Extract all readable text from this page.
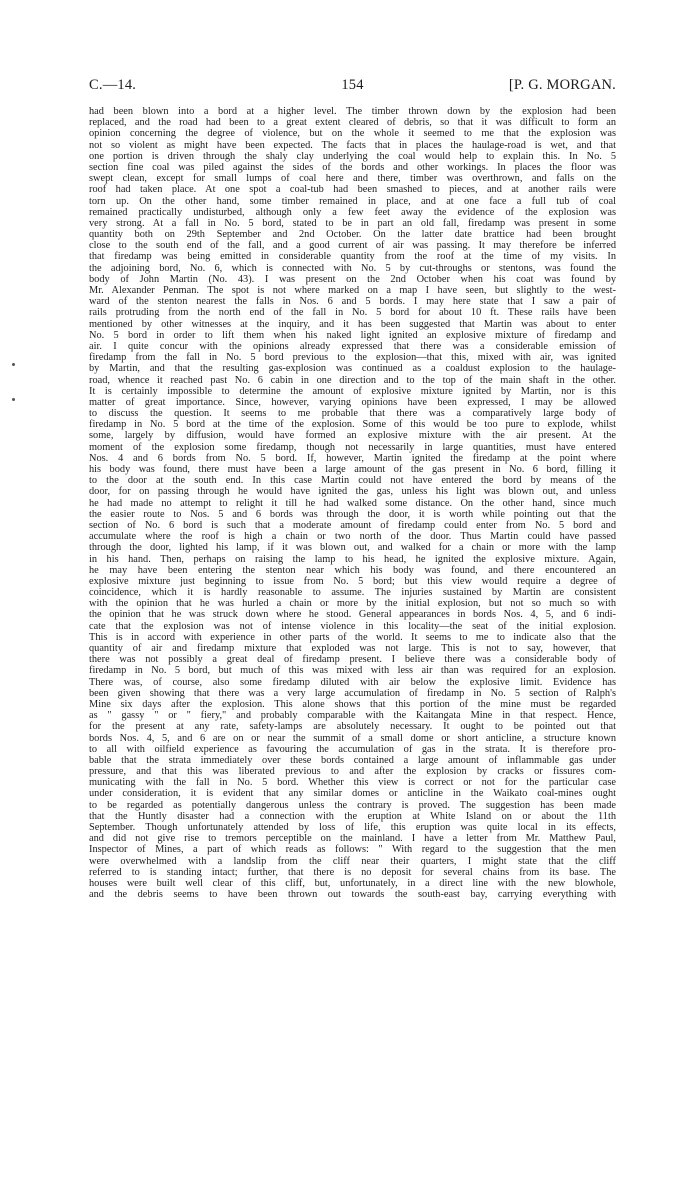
C.—14.	154	[P. G. MORGAN.
had been blown into a bord at a higher level. The timber thrown down by the explosion had been
replaced, and the road had been to a great extent cleared of debris, so that it was difficult to form an
opinion concerning the degree of violence, but on the whole it seemed to me that the explosion was
not so violent as might have been expected. The facts that in places the haulage-road is wet, and that
one portion is driven through the shaly clay underlying the coal would help to explain this. In No. 5
section fine coal was piled against the sides of the bords and other workings. In places the floor was
swept clean, except for small lumps of coal here and there, timber was overthrown, and falls on the
roof had taken place. At one spot a coal-tub had been smashed to pieces, and at another rails were
torn up. On the other hand, some timber remained in place, and at one face a full tub of coal
remained practically undisturbed, although only a few feet away the evidence of the explosion was
very strong. At a fall in No. 5 bord, stated to be in part an old fall, firedamp was present in some
quantity both on 29th September and 2nd October. On the latter date brattice had been brought
close to the south end of the fall, and a good current of air was passing. It may therefore be inferred
that firedamp was being emitted in considerable quantity from the roof at the time of my visits. In
the adjoining bord, No. 6, which is connected with No. 5 by cut-throughs or stentons, was found the
body of John Martin (No. 43). I was present on the 2nd October when his coat was found by
Mr. Alexander Penman. The spot is not where marked on a map I have seen, but slightly to the west-
ward of the stenton nearest the falls in Nos. 6 and 5 bords. I may here state that I saw a pair of
rails protruding from the north end of the fall in No. 5 bord for about 10 ft. These rails have been
mentioned by other witnesses at the inquiry, and it has been suggested that Martin was about to enter
No. 5 bord in order to lift them when his naked light ignited an explosive mixture of firedamp and
air. I quite concur with the opinions already expressed that there was a considerable emission of
firedamp from the fall in No. 5 bord previous to the explosion—that this, mixed with air, was ignited
by Martin, and that the resulting gas-explosion was continued as a coaldust explosion to the haulage-
road, whence it reached past No. 6 cabin in one direction and to the top of the main shaft in the other.
It is certainly impossible to determine the amount of explosive mixture ignited by Martin, nor is this
matter of great importance. Since, however, varying opinions have been expressed, I may be allowed
to discuss the question. It seems to me probable that there was a comparatively large body of
firedamp in No. 5 bord at the time of the explosion. Some of this would be too pure to explode, whilst
some, largely by diffusion, would have formed an explosive mixture with the air present. At the
moment of the explosion some firedamp, though not necessarily in large quantities, must have entered
Nos. 4 and 6 bords from No. 5 bord. If, however, Martin ignited the firedamp at the point where
his body was found, there must have been a large amount of the gas present in No. 6 bord, filling it
to the door at the south end. In this case Martin could not have entered the bord by means of the
door, for on passing through he would have ignited the gas, unless his light was blown out, and unless
he had made no attempt to relight it till he had walked some distance. On the other hand, since much
the easier route to Nos. 5 and 6 bords was through the door, it is worth while pointing out that the
section of No. 6 bord is such that a moderate amount of firedamp could enter from No. 5 bord and
accumulate where the roof is high a chain or two north of the door. Thus Martin could have passed
through the door, lighted his lamp, if it was blown out, and walked for a chain or more with the lamp
in his hand. Then, perhaps on raising the lamp to his head, he ignited the explosive mixture. Again,
he may have been entering the stenton near which his body was found, and there encountered an
explosive mixture just beginning to issue from No. 5 bord; but this view would require a degree of
coincidence, which it is hardly reasonable to assume. The injuries sustained by Martin are consistent
with the opinion that he was hurled a chain or more by the initial explosion, but not so much so with
the opinion that he was struck down where he stood. General appearances in bords Nos. 4, 5, and 6 indi-
cate that the explosion was not of intense violence in this locality—the seat of the initial explosion.
This is in accord with experience in other parts of the world. It seems to me to indicate also that the
quantity of air and firedamp mixture that exploded was not large. This is not to say, however, that
there was not possibly a great deal of firedamp present. I believe there was a considerable body of
firedamp in No. 5 bord, but much of this was mixed with less air than was required for an explosion.
There was, of course, also some firedamp diluted with air below the explosive limit. Evidence has
been given showing that there was a very large accumulation of firedamp in No. 5 section of Ralph's
Mine six days after the explosion. This alone shows that this portion of the mine must be regarded
as " gassy " or " fiery," and probably comparable with the Kaitangata Mine in that respect. Hence,
for the present at any rate, safety-lamps are absolutely necessary. It ought to be pointed out that
bords Nos. 4, 5, and 6 are on or near the summit of a small dome or short anticline, a structure known
to all with oilfield experience as favouring the accumulation of gas in the strata. It is therefore pro-
bable that the strata immediately over these bords contained a large amount of inflammable gas under
pressure, and that this was liberated previous to and after the explosion by cracks or fissures com-
municating with the fall in No. 5 bord. Whether this view is correct or not for the particular case
under consideration, it is evident that any similar domes or anticline in the Waikato coal-mines ought
to be regarded as potentially dangerous unless the contrary is proved. The suggestion has been made
that the Huntly disaster had a connection with the eruption at White Island on or about the 11th
September. Though unfortunately attended by loss of life, this eruption was quite local in its effects,
and did not give rise to tremors perceptible on the mainland. I have a letter from Mr. Matthew Paul,
Inspector of Mines, a part of which reads as follows: " With regard to the suggestion that the men
were overwhelmed with a landslip from the cliff near their quarters, I might state that the cliff
referred to is standing intact; further, that there is no deposit for several chains from its base. The
houses were built well clear of this cliff, but, unfortunately, in a direct line with the new blowhole,
and the debris seems to have been thrown out towards the south-east bay, carrying everything with
